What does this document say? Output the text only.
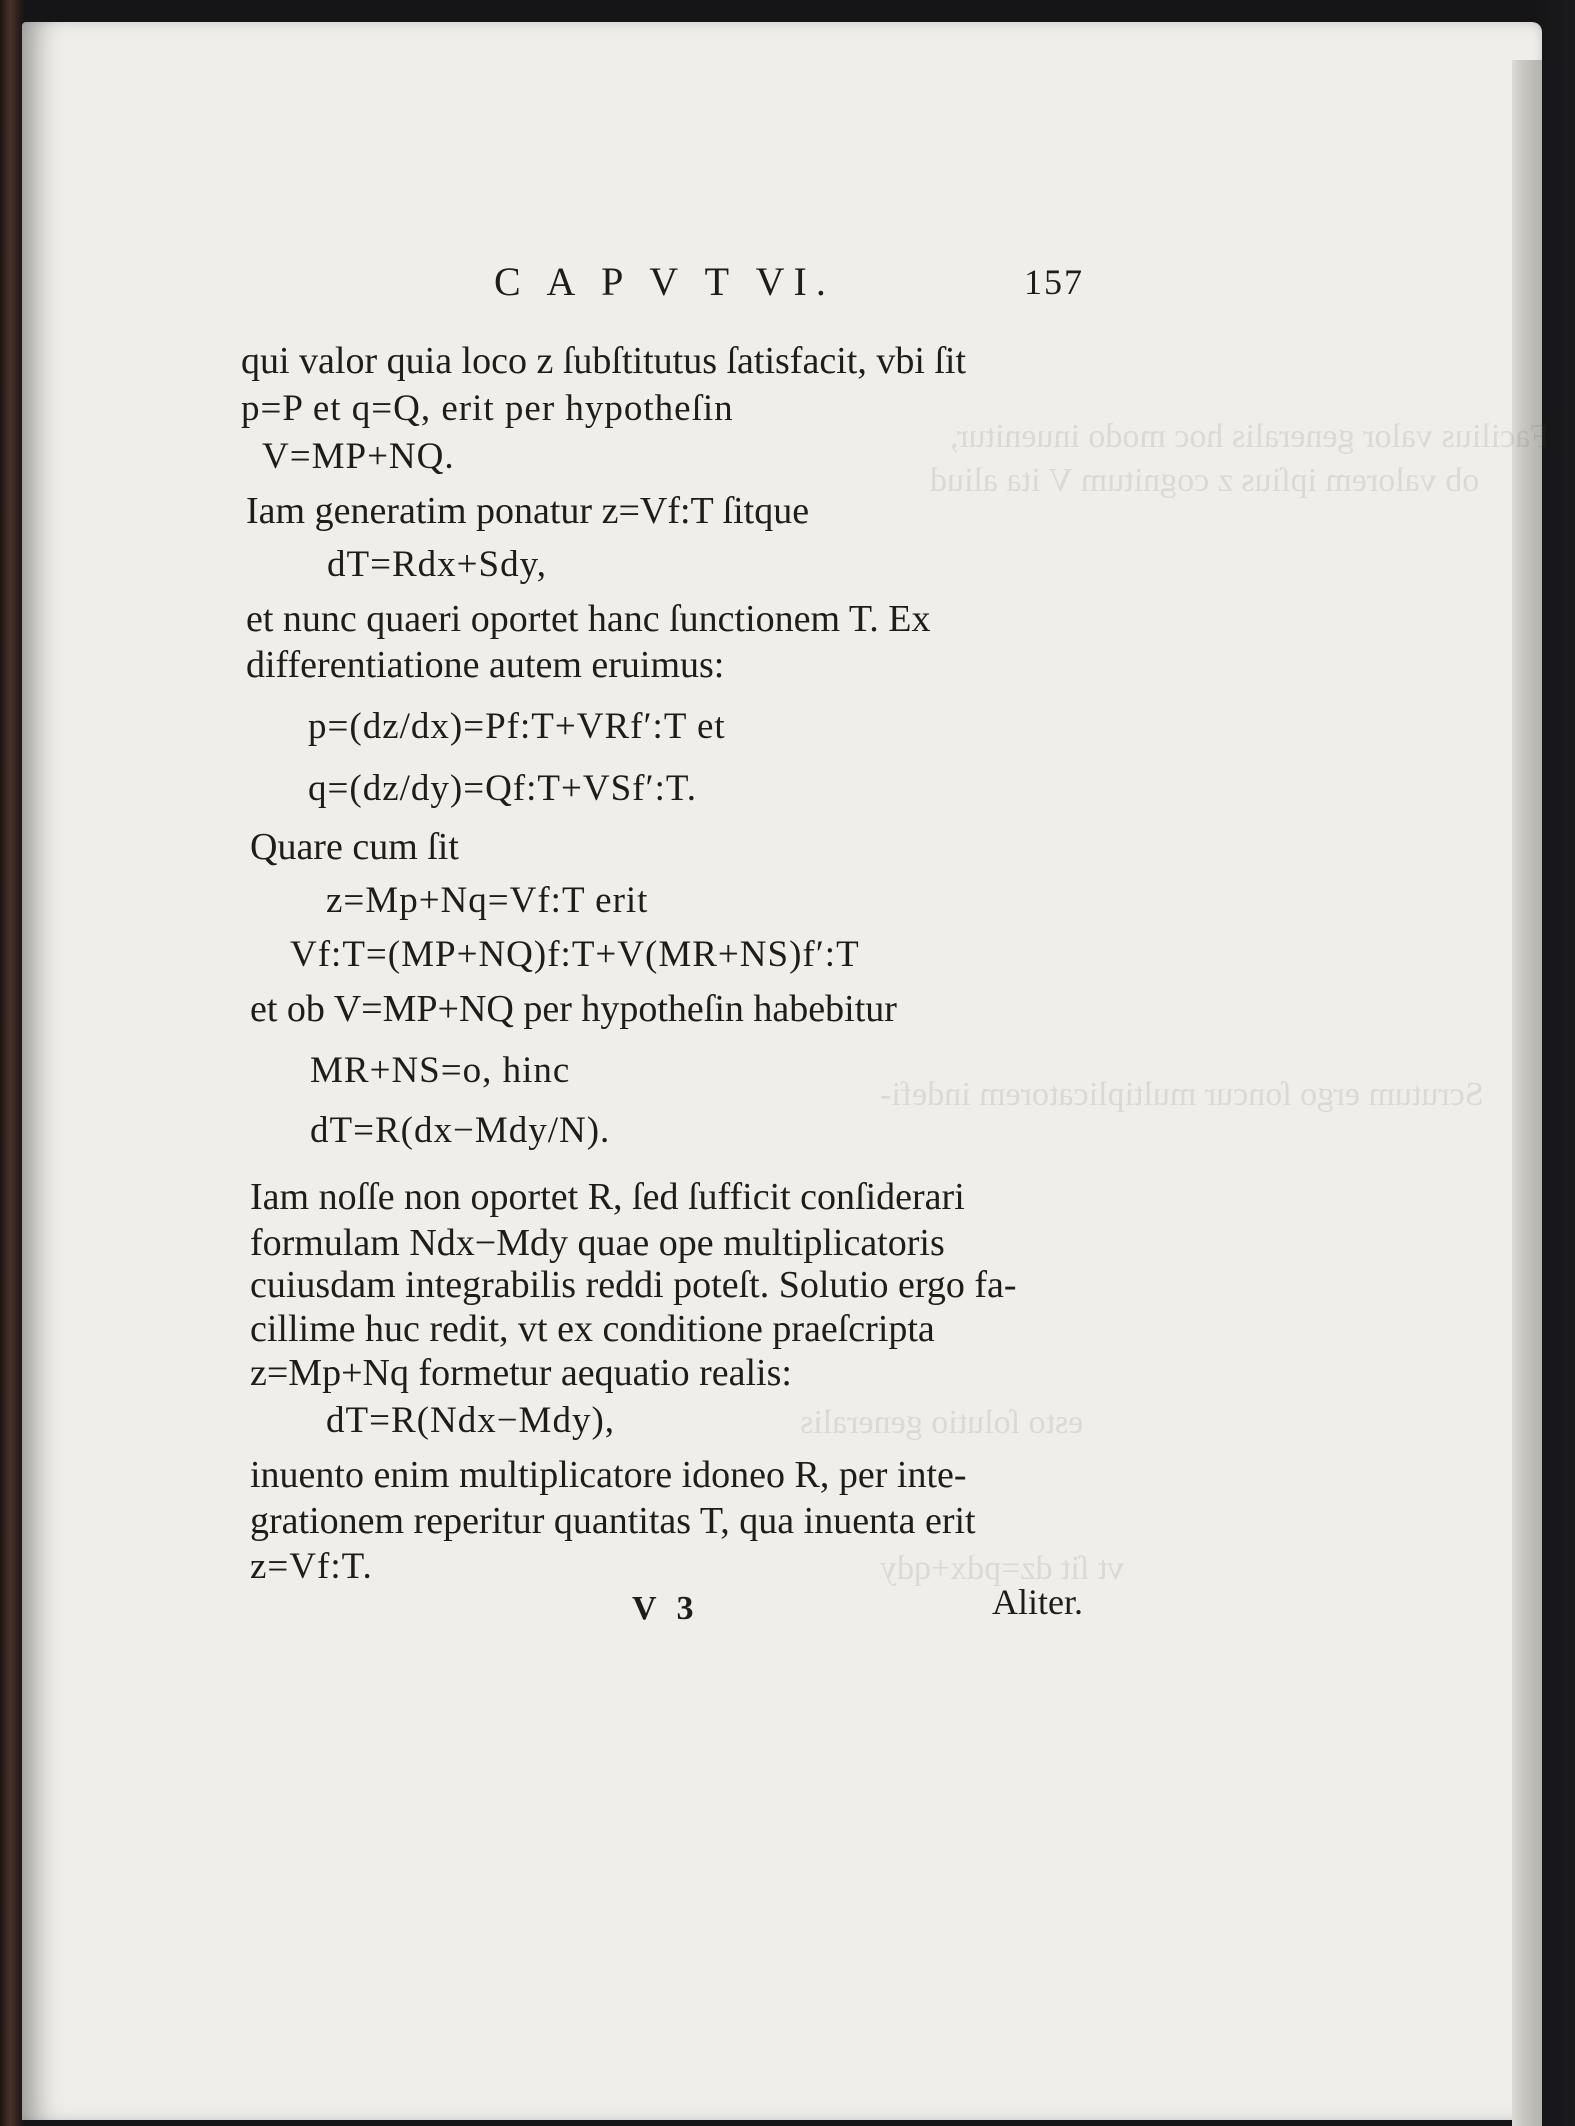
C A P V T VI.	157
qui valor quia loco z ſubſtitutus ſatisfacit, vbi ſit
p=P et q=Q, erit per hypotheſin
V=MP+NQ.
Iam generatim ponatur z=Vf:T ſitque
dT=Rdx+Sdy,
et nunc quaeri oportet hanc ſunctionem T. Ex
differentiatione autem eruimus:
p=(dz/dx)=Pf:T+VRf′:T et
q=(dz/dy)=Qf:T+VSf′:T.
Quare cum ſit
z=Mp+Nq=Vf:T erit
Vf:T=(MP+NQ)f:T+V(MR+NS)f′:T
et ob V=MP+NQ per hypotheſin habebitur
MR+NS=o, hinc
dT=R(dx−Mdy/N).
Iam noſſe non oportet R, ſed ſufficit conſiderari
formulam Ndx−Mdy quae ope multiplicatoris
cuiusdam integrabilis reddi poteſt. Solutio ergo fa-
cillime huc redit, vt ex conditione praeſcripta
z=Mp+Nq formetur aequatio realis:
dT=R(Ndx−Mdy),
inuento enim multiplicatore idoneo R, per inte-
grationem reperitur quantitas T, qua inuenta erit
z=Vf:T.
V 3	Aliter.
